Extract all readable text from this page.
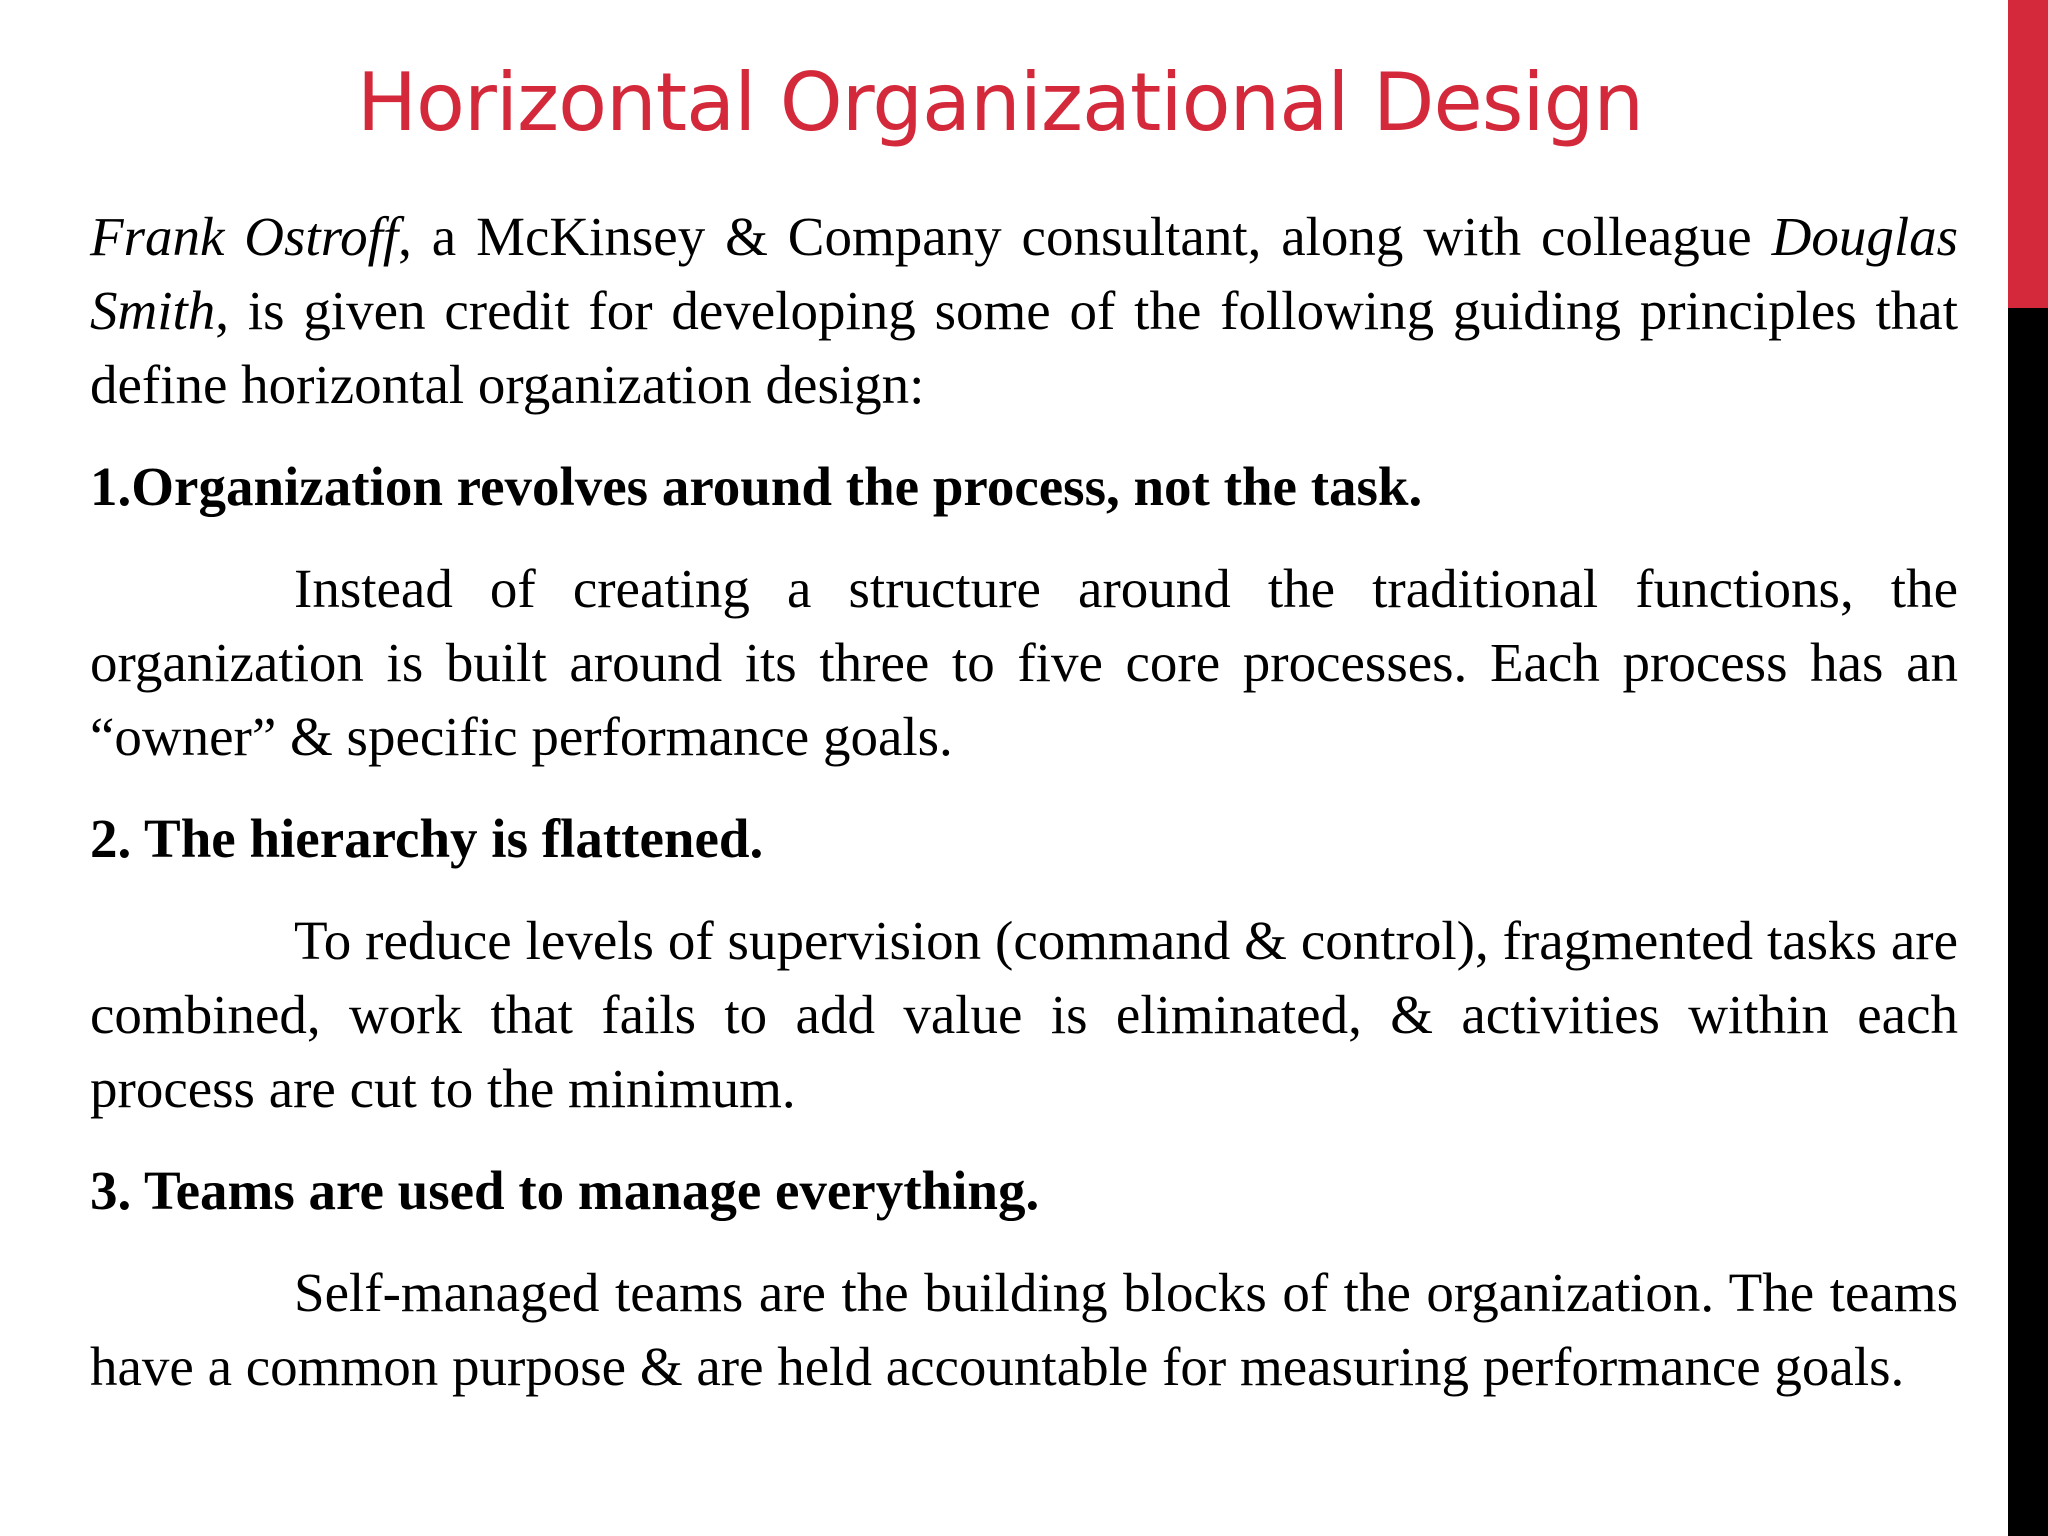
Horizontal Organizational Design

Frank Ostroff, a McKinsey & Company consultant, along with colleague Douglas Smith, is given credit for developing some of the following guiding principles that define horizontal organization design:

1.Organization revolves around the process, not the task.

Instead of creating a structure around the traditional functions, the organization is built around its three to five core processes. Each process has an “owner” & specific performance goals.

2. The hierarchy is flattened.

To reduce levels of supervision (command & control), fragmented tasks are combined, work that fails to add value is eliminated, & activities within each process are cut to the minimum.

3. Teams are used to manage everything.

Self-managed teams are the building blocks of the organization. The teams have a common purpose & are held accountable for measuring performance goals.
